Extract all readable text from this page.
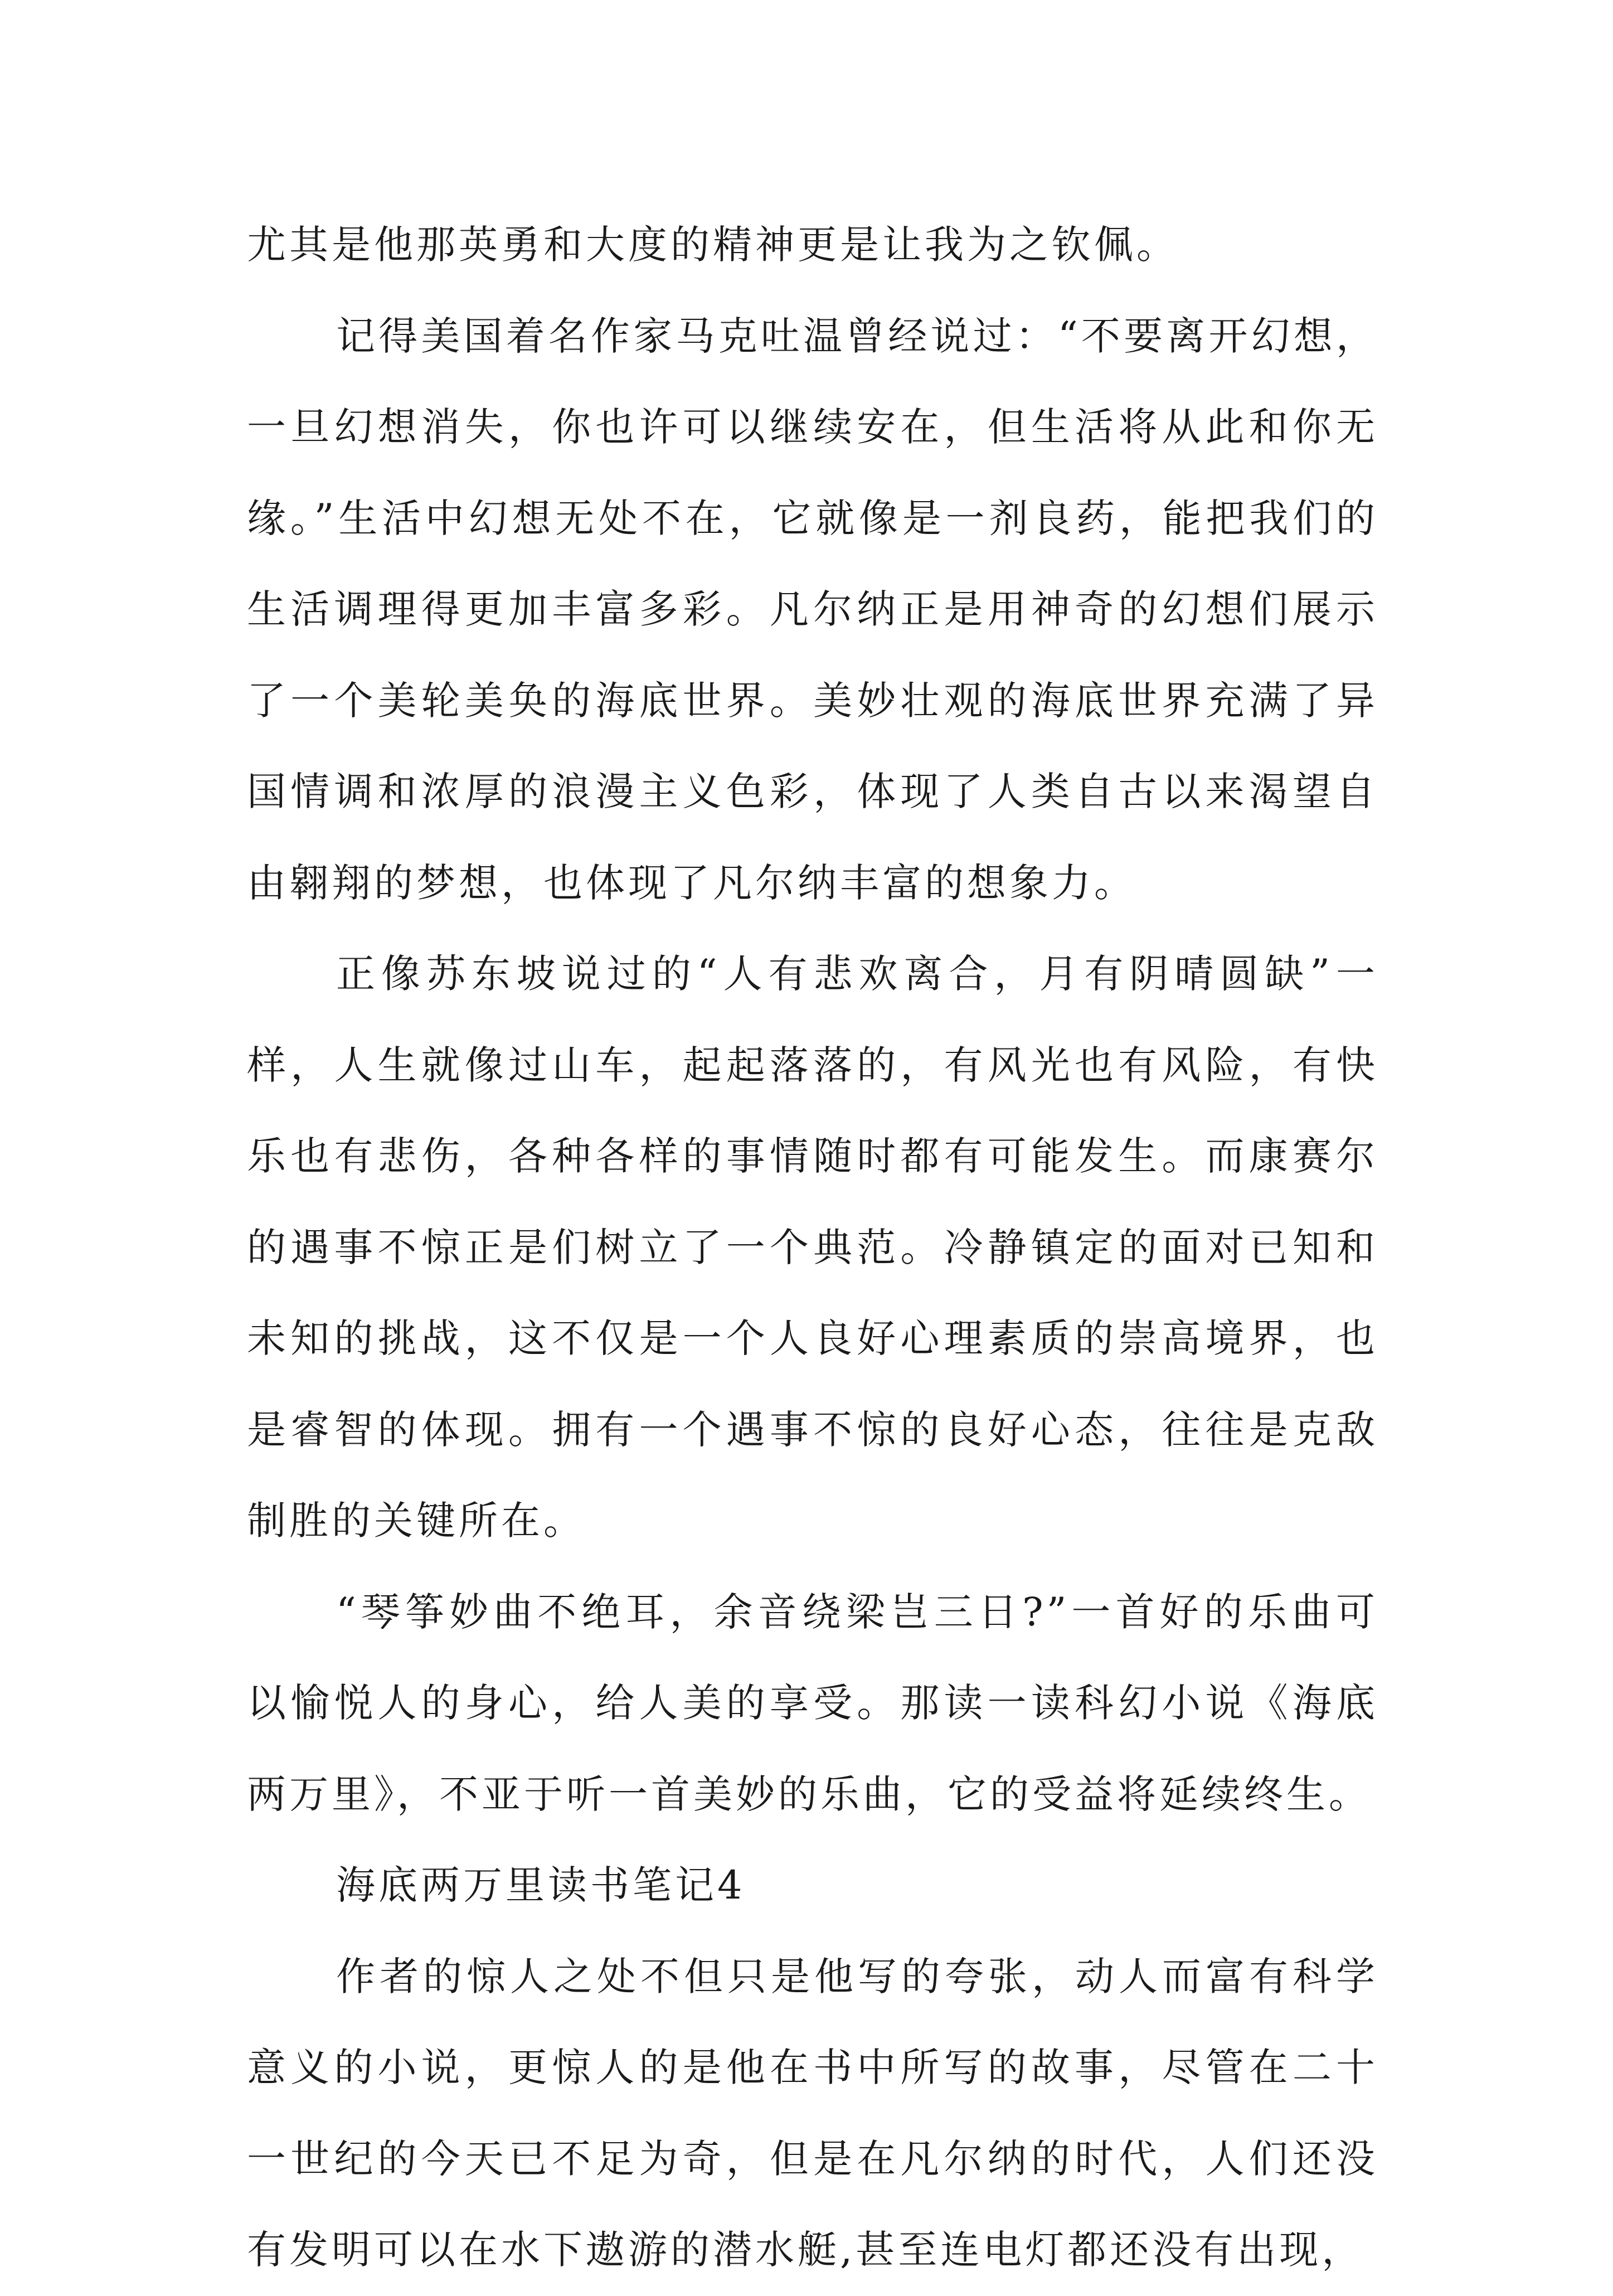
尤其是他那英勇和大度的精神更是让我为之钦佩。

记得美国着名作家马克吐温曾经说过：“不要离开幻想，一旦幻想消失，你也许可以继续安在，但生活将从此和你无缘。”生活中幻想无处不在，它就像是一剂良药，能把我们的生活调理得更加丰富多彩。凡尔纳正是用神奇的幻想们展示了一个美轮美奂的海底世界。美妙壮观的海底世界充满了异国情调和浓厚的浪漫主义色彩，体现了人类自古以来渴望自由翱翔的梦想，也体现了凡尔纳丰富的想象力。

正像苏东坡说过的“人有悲欢离合，月有阴晴圆缺”一样，人生就像过山车，起起落落的，有风光也有风险，有快乐也有悲伤，各种各样的事情随时都有可能发生。而康赛尔的遇事不惊正是们树立了一个典范。冷静镇定的面对已知和未知的挑战，这不仅是一个人良好心理素质的崇高境界，也是睿智的体现。拥有一个遇事不惊的良好心态，往往是克敌制胜的关键所在。

“琴筝妙曲不绝耳，余音绕梁岂三日?”一首好的乐曲可以愉悦人的身心，给人美的享受。那读一读科幻小说《海底两万里》，不亚于听一首美妙的乐曲，它的受益将延续终生。

海底两万里读书笔记4

作者的惊人之处不但只是他写的夸张，动人而富有科学意义的小说，更惊人的是他在书中所写的故事，尽管在二十一世纪的今天已不足为奇，但是在凡尔纳的时代，人们还没有发明可以在水下遨游的潜水艇,甚至连电灯都还没有出现，
